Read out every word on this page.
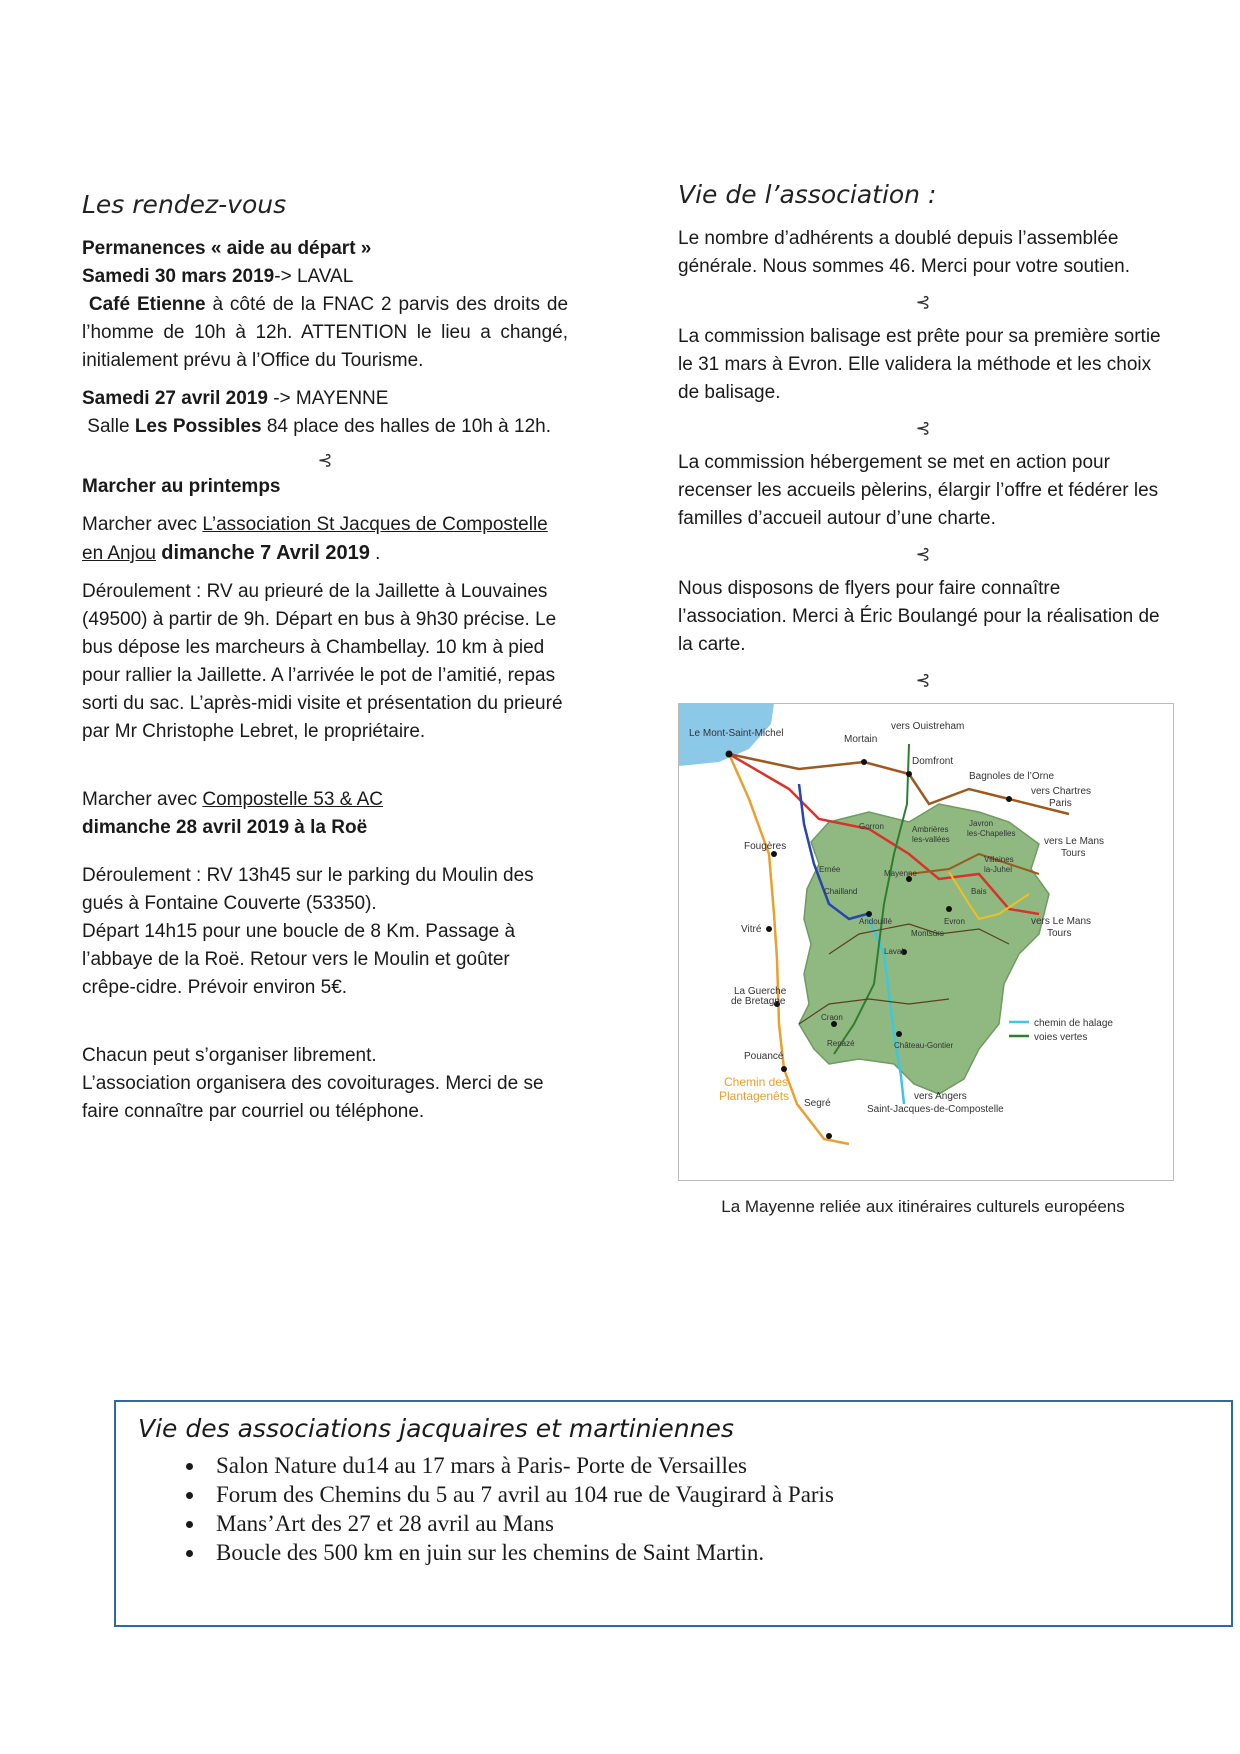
Les rendez-vous

Permanences « aide au départ »

Samedi 30 mars 2019-> LAVAL

Café Etienne à côté de la FNAC 2 parvis des droits de l’homme de 10h à 12h. ATTENTION le lieu a changé, initialement prévu à l’Office du Tourisme.

Samedi 27 avril 2019 -> MAYENNE

Salle Les Possibles 84 place des halles de 10h à 12h.

⊰

Marcher au printemps

Marcher avec L’association St Jacques de Compostelle en Anjou dimanche 7 Avril 2019 .

Déroulement : RV au prieuré de la Jaillette à Louvaines (49500) à partir de 9h. Départ en bus à 9h30 précise. Le bus dépose les marcheurs à Chambellay. 10 km à pied pour rallier la Jaillette. A l’arrivée le pot de l’amitié, repas sorti du sac. L’après-midi visite et présentation du prieuré par Mr Christophe Lebret, le propriétaire.

Marcher avec Compostelle 53 & AC

dimanche 28 avril 2019 à la Roë

Déroulement : RV 13h45 sur le parking du Moulin des gués à Fontaine Couverte (53350).

Départ 14h15 pour une boucle de 8 Km. Passage à l’abbaye de la Roë. Retour vers le Moulin et goûter crêpe-cidre. Prévoir environ 5€.

Chacun peut s’organiser librement.

L’association organisera des covoiturages. Merci de se faire connaître par courriel ou téléphone.

Vie de l’association :

Le nombre d’adhérents a doublé depuis l’assemblée générale. Nous sommes 46. Merci pour votre soutien.

⊰

La commission balisage est prête pour sa première sortie le 31 mars à Evron. Elle validera la méthode et les choix de balisage.

⊰

La commission hébergement se met en action pour recenser les accueils pèlerins, élargir l’offre et fédérer les familles d’accueil autour d’une charte.

⊰

Nous disposons de flyers pour faire connaître l’association. Merci à Éric Boulangé pour la réalisation de la carte.

⊰
Le Mont-Saint-Michel
vers Ouistreham
Mortain
Domfront
Bagnoles de l’Orne
vers Chartres
Paris
vers Le Mans
Tours
vers Le Mans
Tours
Fougères
Vitré
La Guerche
de Bretagne
Pouancé
Segré
Chemin des
Plantagenêts	vers Angers
Saint-Jacques-de-Compostelle
Mayenne
Laval
Evron
Ernée
Chailland
Andouillé
Gorron	Ambrières
les-vallées
Javron
les-Chapelles
Villaines
la-Juhel
Bais
Montsûrs
Craon
Château-Gontier
Renazé
chemin de halage
voies vertes
La Mayenne reliée aux itinéraires culturels européens
Vie des associations jacquaires et martiniennes
• Salon Nature du14 au 17 mars à Paris- Porte de Versailles
• Forum des Chemins du 5 au 7 avril au 104 rue de Vaugirard à Paris
• Mans’Art des 27 et 28 avril au Mans
• Boucle des 500 km en juin sur les chemins de Saint Martin.
